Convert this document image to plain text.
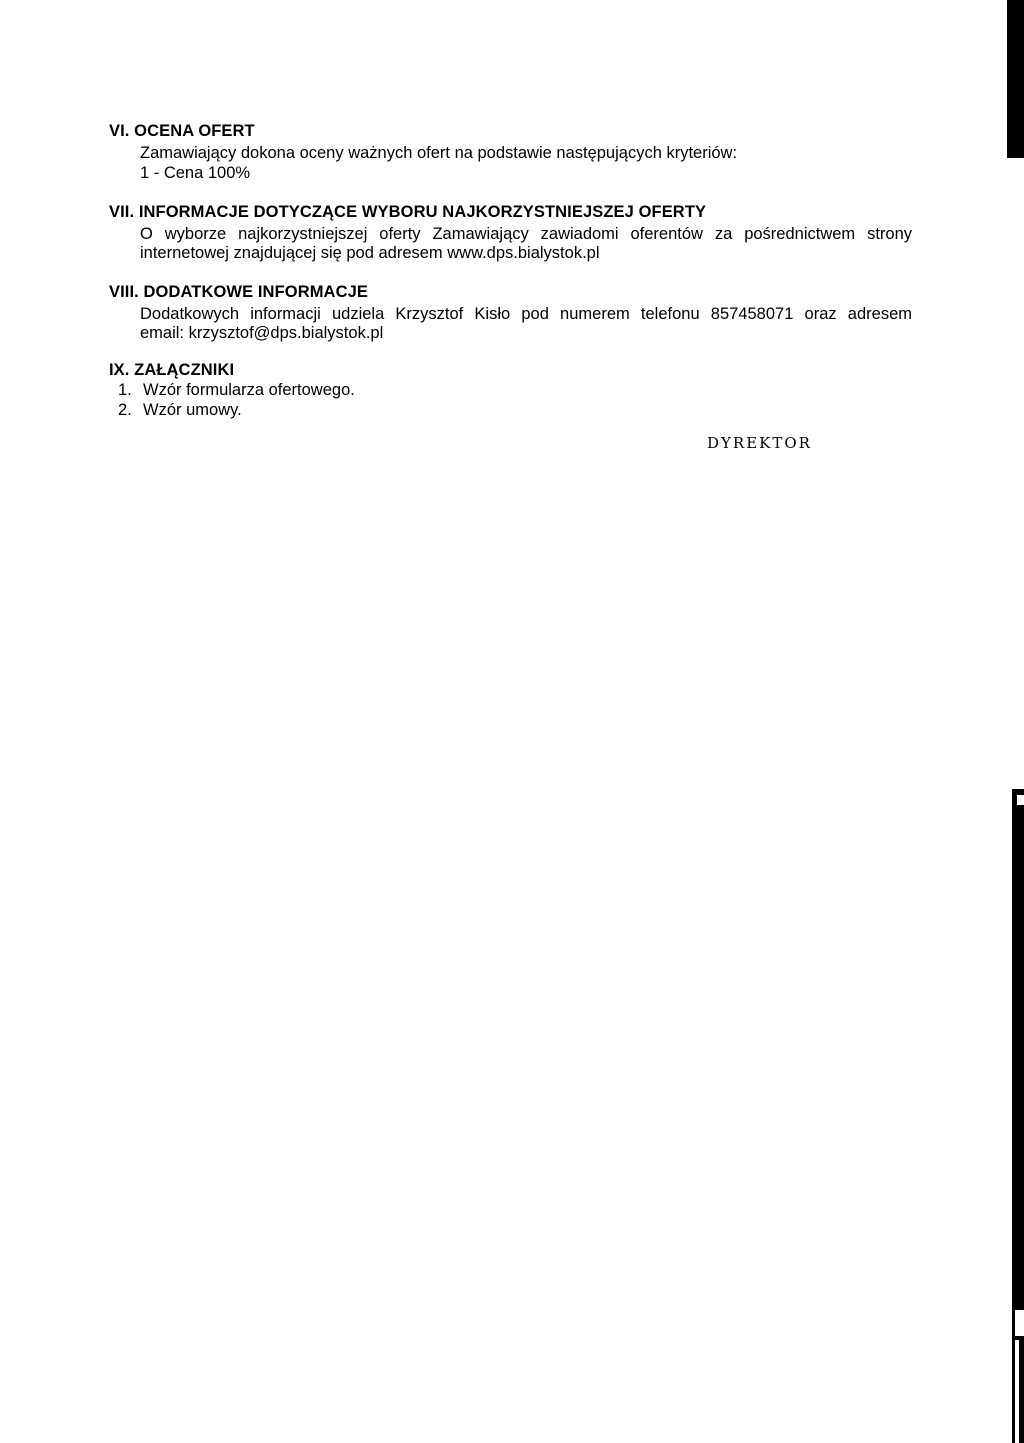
VI. OCENA OFERT
Zamawiający dokona oceny ważnych ofert na podstawie następujących kryteriów:
1 - Cena 100%
VII. INFORMACJE DOTYCZĄCE WYBORU NAJKORZYSTNIEJSZEJ OFERTY
O wyborze najkorzystniejszej oferty Zamawiający zawiadomi oferentów za pośrednictwem strony
internetowej znajdującej się pod adresem www.dps.bialystok.pl
VIII. DODATKOWE INFORMACJE
Dodatkowych informacji udziela Krzysztof Kisło pod numerem telefonu 857458071 oraz adresem
email: krzysztof@dps.bialystok.pl
IX. ZAŁĄCZNIKI
1. Wzór formularza ofertowego.
2. Wzór umowy.
DYREKTOR
